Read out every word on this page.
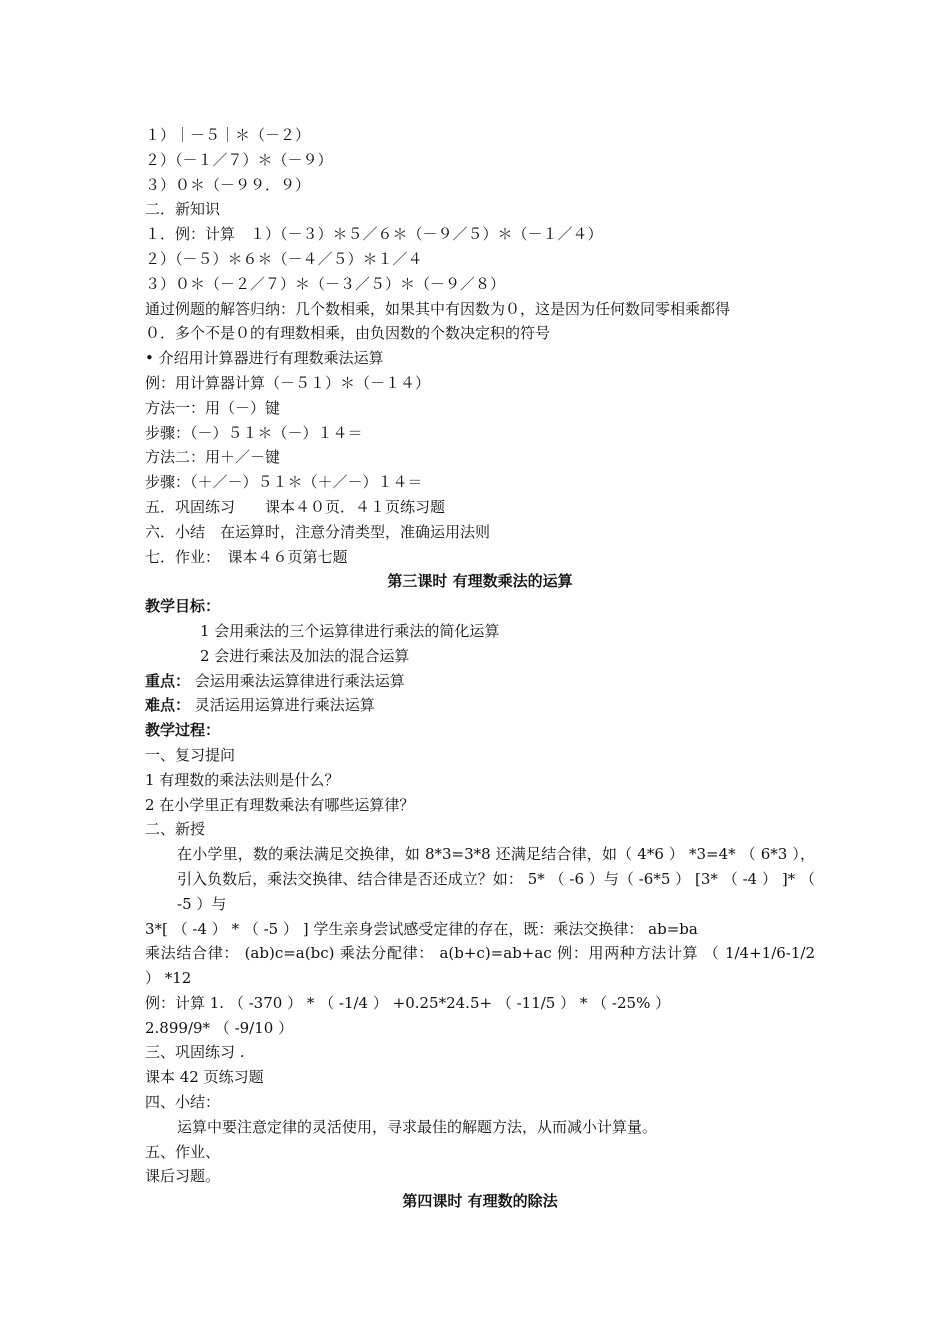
１）｜－５｜＊（－２）
２）（－１／７）＊（－９）
３）０＊（－９９．９）
二．新知识
１．例：计算　１）（－３）＊５／６＊（－９／５）＊（－１／４）
２）（－５）＊６＊（－４／５）＊１／４
３）０＊（－２／７）＊（－３／５）＊（－９／８）
通过例题的解答归纳：几个数相乘，如果其中有因数为０，这是因为任何数同零相乘都得
０．多个不是０的有理数相乘，由负因数的个数决定积的符号
• 介绍用计算器进行有理数乘法运算
例：用计算器计算（－５１）＊（－１４）
方法一：用（－）键
步骤：（－）５１＊（－）１４＝
方法二：用＋／－键
步骤：（＋／－）５１＊（＋／－）１４＝
五．巩固练习　　课本４０页．４１页练习题
六．小结　在运算时，注意分清类型，准确运用法则
七．作业：　课本４６页第七题
第三课时 有理数乘法的运算
教学目标：
1 会用乘法的三个运算律进行乘法的简化运算
2 会进行乘法及加法的混合运算
重点： 会运用乘法运算律进行乘法运算
难点： 灵活运用运算进行乘法运算
教学过程：
一、复习提问
1 有理数的乘法法则是什么？
2 在小学里正有理数乘法有哪些运算律？
二、新授
在小学里，数的乘法满足交换律，如 8*3=3*8 还满足结合律，如（ 4*6 ） *3=4* （ 6*3 ），引入负数后，乘法交换律、结合律是否还成立？如： 5* （ -6 ）与（ -6*5 ） [3* （ -4 ） ]* （ -5 ）与
3*[ （ -4 ） * （ -5 ） ] 学生亲身尝试感受定律的存在，既：乘法交换律： ab=ba
乘法结合律： (ab)c=a(bc) 乘法分配律： a(b+c)=ab+ac 例：用两种方法计算 （ 1/4+1/6-1/2 ） *12
例：计算 1. （ -370 ） * （ -1/4 ） +0.25*24.5+ （ -11/5 ） * （ -25% ）
2.899/9* （ -9/10 ）
三、巩固练习 .
课本 42 页练习题
四、小结：
运算中要注意定律的灵活使用，寻求最佳的解题方法，从而减小计算量。
五、作业、
课后习题。
第四课时 有理数的除法
